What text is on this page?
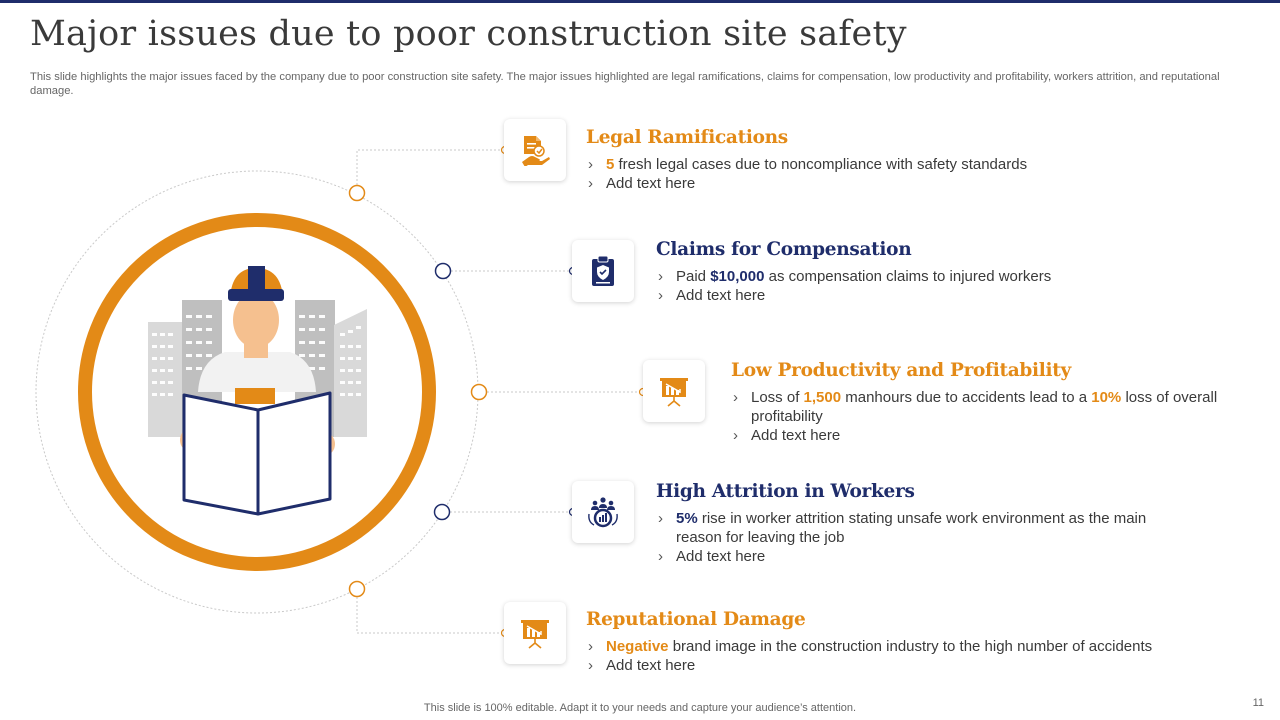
Major issues due to poor construction site safety
This slide highlights the major issues faced by the company due to poor construction site safety. The major issues highlighted are legal ramifications, claims for compensation, low productivity and profitability, workers attrition, and reputational damage.
Legal Ramifications
› 5 fresh legal cases due to noncompliance with safety standards
› Add text here
Claims for Compensation
› Paid $10,000 as compensation claims to injured workers
› Add text here
Low Productivity and Profitability
› Loss of 1,500 manhours due to accidents lead to a 10% loss of overall profitability
› Add text here
High Attrition in Workers
› 5% rise in worker attrition stating unsafe work environment as the main reason for leaving the job
› Add text here
Reputational Damage
› Negative brand image in the construction industry to the high number of accidents
› Add text here
This slide is 100% editable. Adapt it to your needs and capture your audience’s attention.	11
